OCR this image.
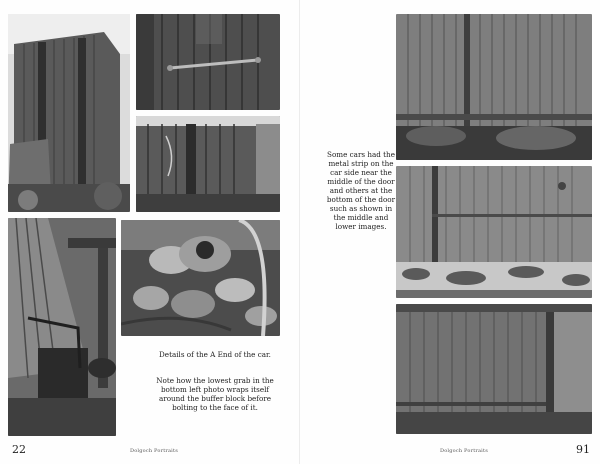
Details of the A End of the car.
Note how the lowest grab in the bottom left photo wraps itself around the buffer block before bolting to the face of it.
22	Dolgoch Portraits
Some cars had the metal strip on the car side near the middle of the door and others at the bottom of the door such as shown in the middle and lower images.
Dolgoch Portraits	91
